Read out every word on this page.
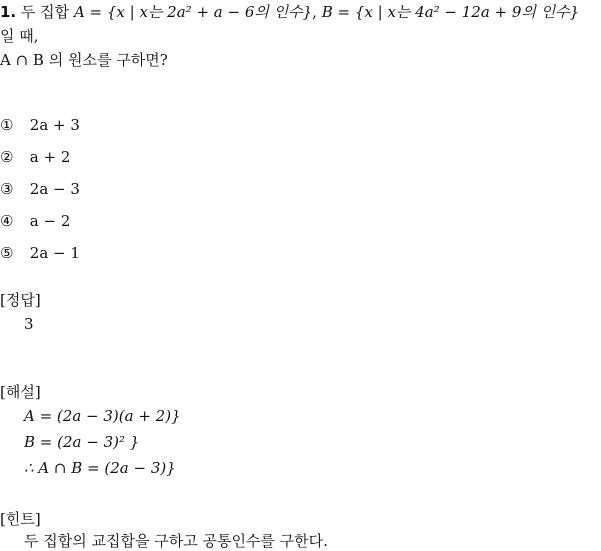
1. 두 집합 A = {x | x는 2a² + a − 6의 인수}, B = {x | x는 4a² − 12a + 9의 인수}
일 때,
A ∩ B 의 원소를 구하면?
① 2a + 3
② a + 2
③ 2a − 3
④ a − 2
⑤ 2a − 1
[정답]
3
[해설]
A = (2a − 3)(a + 2)}
B = (2a − 3)² }
∴ A ∩ B = (2a − 3)}
[힌트]
두 집합의 교집합을 구하고 공통인수를 구한다.
